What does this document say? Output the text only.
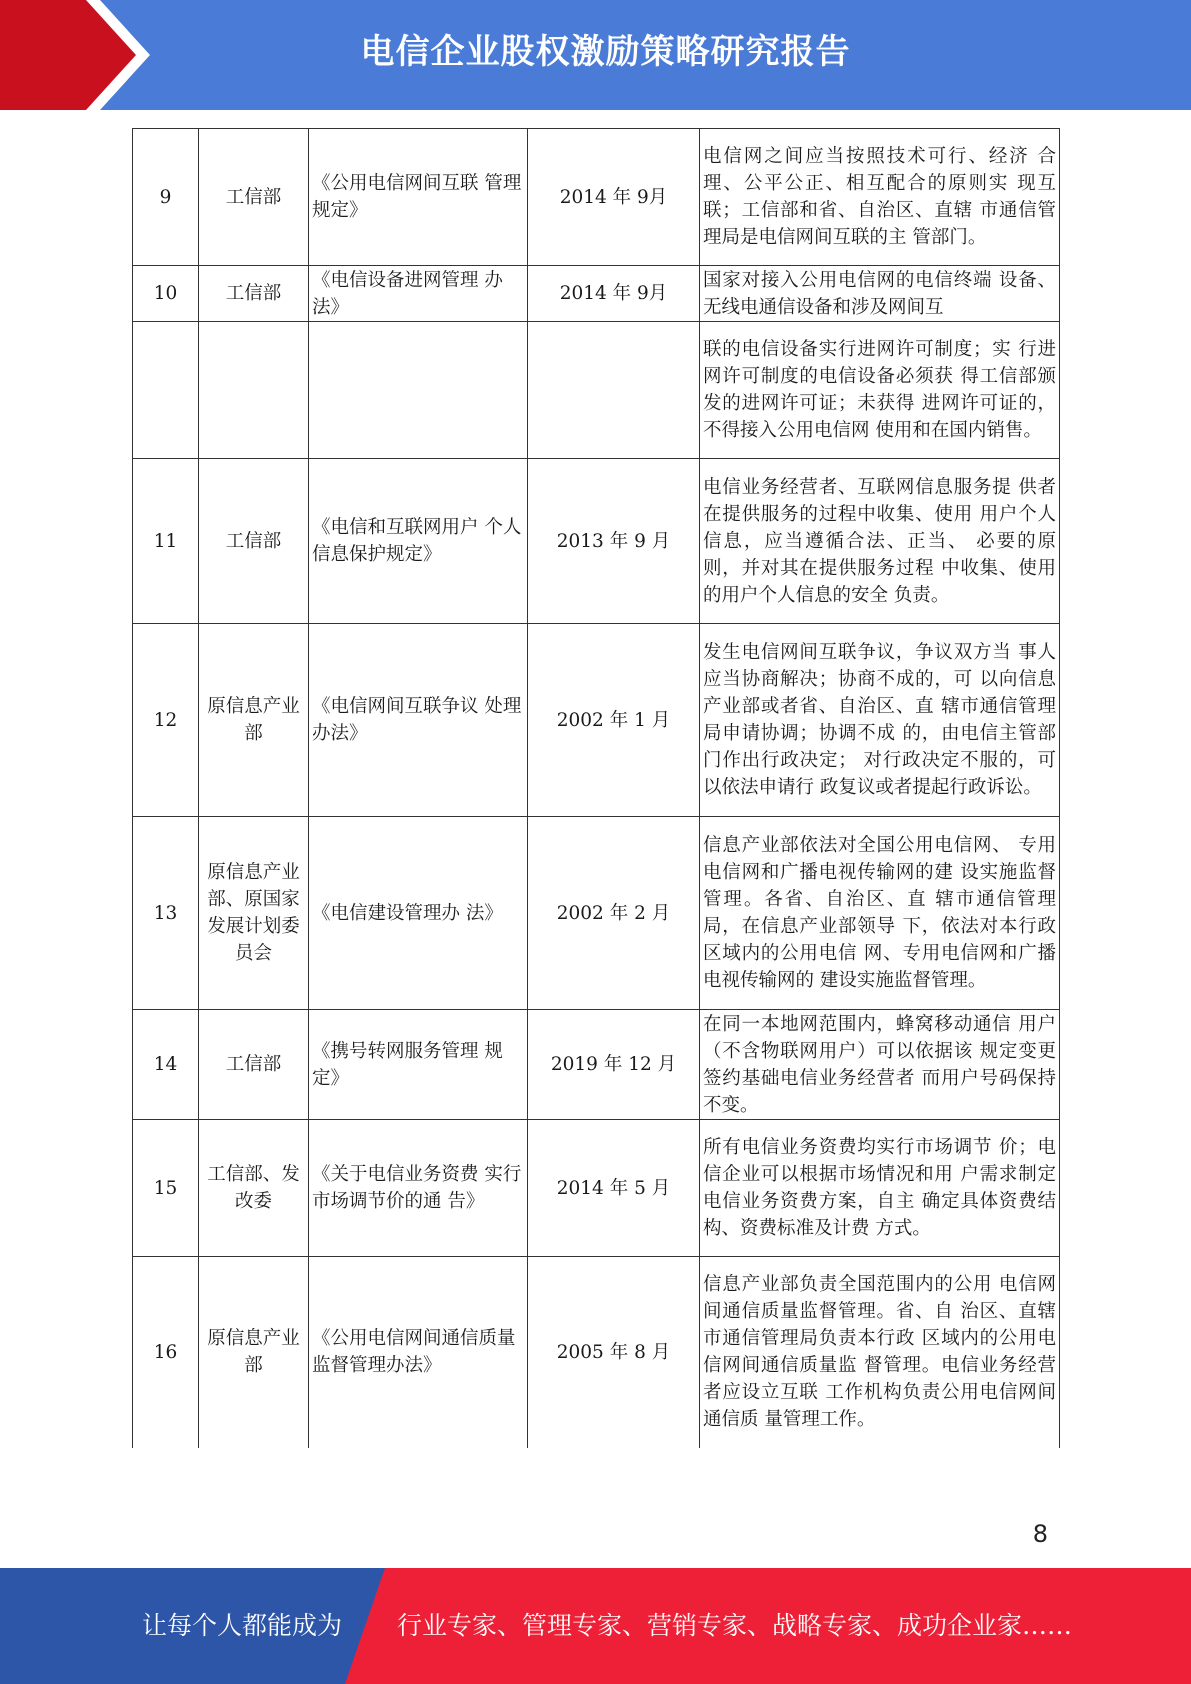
电信企业股权激励策略研究报告
9	工信部	《公用电信网间互联 管理规定》	2014 年 9月	电信网之间应当按照技术可行、经济 合理、公平公正、相互配合的原则实 现互联；工信部和省、自治区、直辖 市通信管理局是电信网间互联的主 管部门。
10	工信部	《电信设备进网管理 办法》	2014 年 9月	国家对接入公用电信网的电信终端 设备、无线电通信设备和涉及网间互
				联的电信设备实行进网许可制度；实 行进网许可制度的电信设备必须获 得工信部颁发的进网许可证；未获得 进网许可证的，不得接入公用电信网 使用和在国内销售。
11	工信部	《电信和互联网用户 个人信息保护规定》	2013 年 9 月	电信业务经营者、互联网信息服务提 供者在提供服务的过程中收集、使用 用户个人信息，应当遵循合法、正当、 必要的原则，并对其在提供服务过程 中收集、使用的用户个人信息的安全 负责。
12	原信息产业部	《电信网间互联争议 处理办法》	2002 年 1 月	发生电信网间互联争议，争议双方当 事人应当协商解决；协商不成的，可 以向信息产业部或者省、自治区、直 辖市通信管理局申请协调；协调不成 的，由电信主管部门作出行政决定； 对行政决定不服的，可以依法申请行 政复议或者提起行政诉讼。
13	原信息产业部、原国家发展计划委员会	《电信建设管理办 法》	2002 年 2 月	信息产业部依法对全国公用电信网、 专用电信网和广播电视传输网的建 设实施监督管理。各省、自治区、直 辖市通信管理局，在信息产业部领导 下，依法对本行政区域内的公用电信 网、专用电信网和广播电视传输网的 建设实施监督管理。
14	工信部	《携号转网服务管理 规定》	2019 年 12 月	在同一本地网范围内，蜂窝移动通信 用户（不含物联网用户）可以依据该 规定变更签约基础电信业务经营者 而用户号码保持不变。
15	工信部、发改委	《关于电信业务资费 实行市场调节价的通 告》	2014 年 5 月	所有电信业务资费均实行市场调节 价；电信企业可以根据市场情况和用 户需求制定电信业务资费方案，自主 确定具体资费结构、资费标准及计费 方式。
16	原信息产业部	《公用电信网间通信质量监督管理办法》	2005 年 8 月	信息产业部负责全国范围内的公用 电信网间通信质量监督管理。省、自 治区、直辖市通信管理局负责本行政 区域内的公用电信网间通信质量监 督管理。电信业务经营者应设立互联 工作机构负责公用电信网间通信质 量管理工作。
8
让每个人都能成为 行业专家、管理专家、营销专家、战略专家、成功企业家……
